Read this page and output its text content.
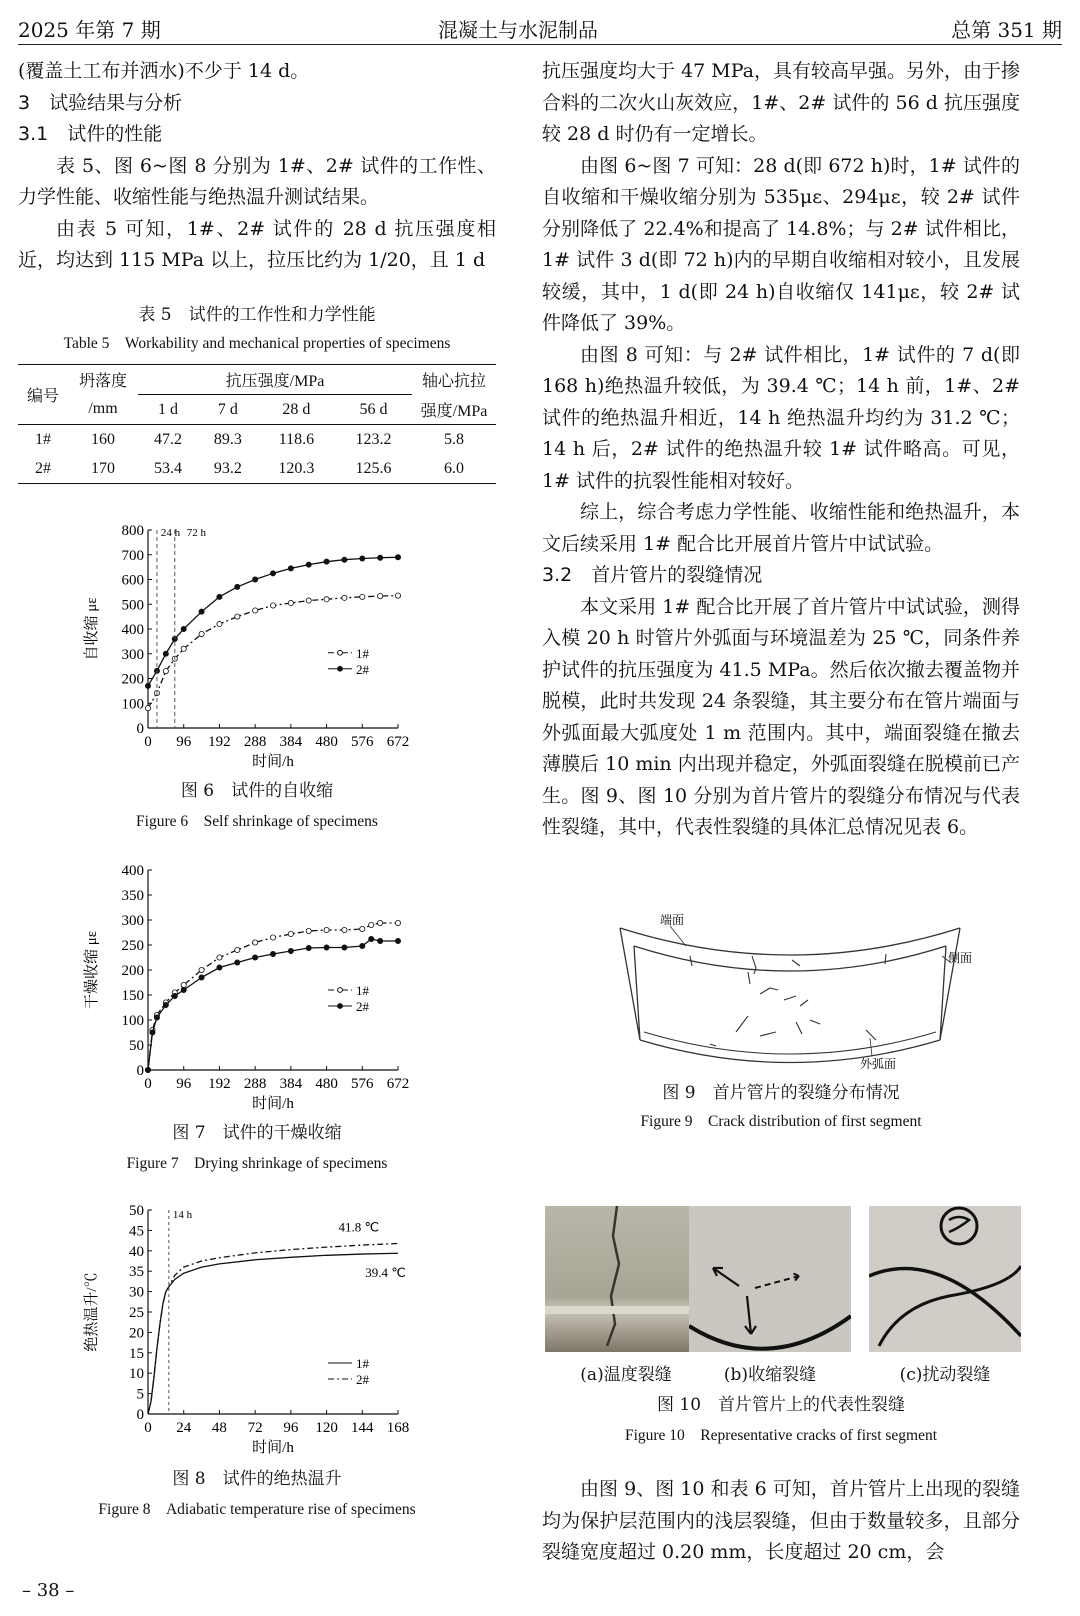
2025 年第 7 期	混凝土与水泥制品	总第 351 期

(覆盖土工布并洒水)不少于 14 d。

3　试验结果与分析

3.1　试件的性能

表 5、图 6~图 8 分别为 1#、2# 试件的工作性、力学性能、收缩性能与绝热温升测试结果。

由表 5 可知，1#、2# 试件的 28 d 抗压强度相近，均达到 115 MPa 以上，拉压比约为 1/20，且 1 d

表 5　试件的工作性和力学性能
Table 5　Workability and mechanical properties of specimens
编号	坍落度	抗压强度/MPa				轴心抗拉
	/mm	1 d	7 d	28 d	56 d	强度/MPa
1#	160	47.2	89.3	118.6	123.2	5.8
2#	170	53.4	93.2	120.3	125.6	6.0
0
100
200
300
400
500
600
700
800
0 96 192 288 384 480 576 672
时间/h
自收缩 με	1#
2#
24 h 72 h
图 6　试件的自收缩
Figure 6　Self shrinkage of specimens
0
50
100
150
200
250
300
350
400
0 96 192 288 384 480 576 672
时间/h
干燥收缩 με	1#
2#
图 7　试件的干燥收缩
Figure 7　Drying shrinkage of specimens
0
5
10
15
20
25
30
35
40
45
50
0 24 48 72 96 120 144 168
时间/h
绝热温升/℃
1#
2#
14 h
41.8 ℃
39.4 ℃
图 8　试件的绝热温升
Figure 8　Adiabatic temperature rise of specimens
– 38 –

抗压强度均大于 47 MPa，具有较高早强。另外，由于掺合料的二次火山灰效应，1#、2# 试件的 56 d 抗压强度较 28 d 时仍有一定增长。

由图 6~图 7 可知：28 d(即 672 h)时，1# 试件的自收缩和干燥收缩分别为 535με、294με，较 2# 试件分别降低了 22.4%和提高了 14.8%；与 2# 试件相比，1# 试件 3 d(即 72 h)内的早期自收缩相对较小，且发展较缓，其中，1 d(即 24 h)自收缩仅 141με，较 2# 试件降低了 39%。

由图 8 可知：与 2# 试件相比，1# 试件的 7 d(即 168 h)绝热温升较低，为 39.4 ℃；14 h 前，1#、2# 试件的绝热温升相近，14 h 绝热温升均约为 31.2 ℃；14 h 后，2# 试件的绝热温升较 1# 试件略高。可见，1# 试件的抗裂性能相对较好。

综上，综合考虑力学性能、收缩性能和绝热温升，本文后续采用 1# 配合比开展首片管片中试试验。

3.2　首片管片的裂缝情况

本文采用 1# 配合比开展了首片管片中试试验，测得入模 20 h 时管片外弧面与环境温差为 25 ℃，同条件养护试件的抗压强度为 41.5 MPa。然后依次撤去覆盖物并脱模，此时共发现 24 条裂缝，其主要分布在管片端面与外弧面最大弧度处 1 m 范围内。其中，端面裂缝在撤去薄膜后 10 min 内出现并稳定，外弧面裂缝在脱模前已产生。图 9、图 10 分别为首片管片的裂缝分布情况与代表性裂缝，其中，代表性裂缝的具体汇总情况见表 6。

端面
侧面
外弧面
图 9　首片管片的裂缝分布情况
Figure 9　Crack distribution of first segment
(a)温度裂缝	(b)收缩裂缝	(c)扰动裂缝
图 10　首片管片上的代表性裂缝
Figure 10　Representative cracks of first segment

由图 9、图 10 和表 6 可知，首片管片上出现的裂缝均为保护层范围内的浅层裂缝，但由于数量较多，且部分裂缝宽度超过 0.20 mm，长度超过 20 cm，会
